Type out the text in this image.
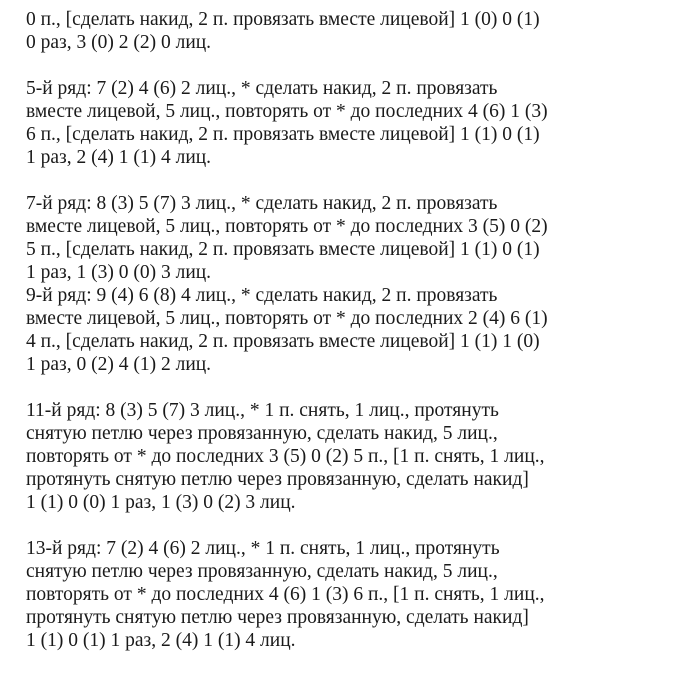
0 п., [сделать накид, 2 п. провязать вместе лицевой] 1 (0) 0 (1)
0 раз, 3 (0) 2 (2) 0 лиц.

5-й ряд: 7 (2) 4 (6) 2 лиц., * сделать накид, 2 п. провязать
вместе лицевой, 5 лиц., повторять от * до последних 4 (6) 1 (3)
6 п., [сделать накид, 2 п. провязать вместе лицевой] 1 (1) 0 (1)
1 раз, 2 (4) 1 (1) 4 лиц.

7-й ряд: 8 (3) 5 (7) 3 лиц., * сделать накид, 2 п. провязать
вместе лицевой, 5 лиц., повторять от * до последних 3 (5) 0 (2)
5 п., [сделать накид, 2 п. провязать вместе лицевой] 1 (1) 0 (1)
1 раз, 1 (3) 0 (0) 3 лиц.

9-й ряд: 9 (4) 6 (8) 4 лиц., * сделать накид, 2 п. провязать
вместе лицевой, 5 лиц., повторять от * до последних 2 (4) 6 (1)
4 п., [сделать накид, 2 п. провязать вместе лицевой] 1 (1) 1 (0)
1 раз, 0 (2) 4 (1) 2 лиц.

11-й ряд: 8 (3) 5 (7) 3 лиц., * 1 п. снять, 1 лиц., протянуть
снятую петлю через провязанную, сделать накид, 5 лиц.,
повторять от * до последних 3 (5) 0 (2) 5 п., [1 п. снять, 1 лиц.,
протянуть снятую петлю через провязанную, сделать накид]
1 (1) 0 (0) 1 раз, 1 (3) 0 (2) 3 лиц.

13-й ряд: 7 (2) 4 (6) 2 лиц., * 1 п. снять, 1 лиц., протянуть
снятую петлю через провязанную, сделать накид, 5 лиц.,
повторять от * до последних 4 (6) 1 (3) 6 п., [1 п. снять, 1 лиц.,
протянуть снятую петлю через провязанную, сделать накид]
1 (1) 0 (1) 1 раз, 2 (4) 1 (1) 4 лиц.
